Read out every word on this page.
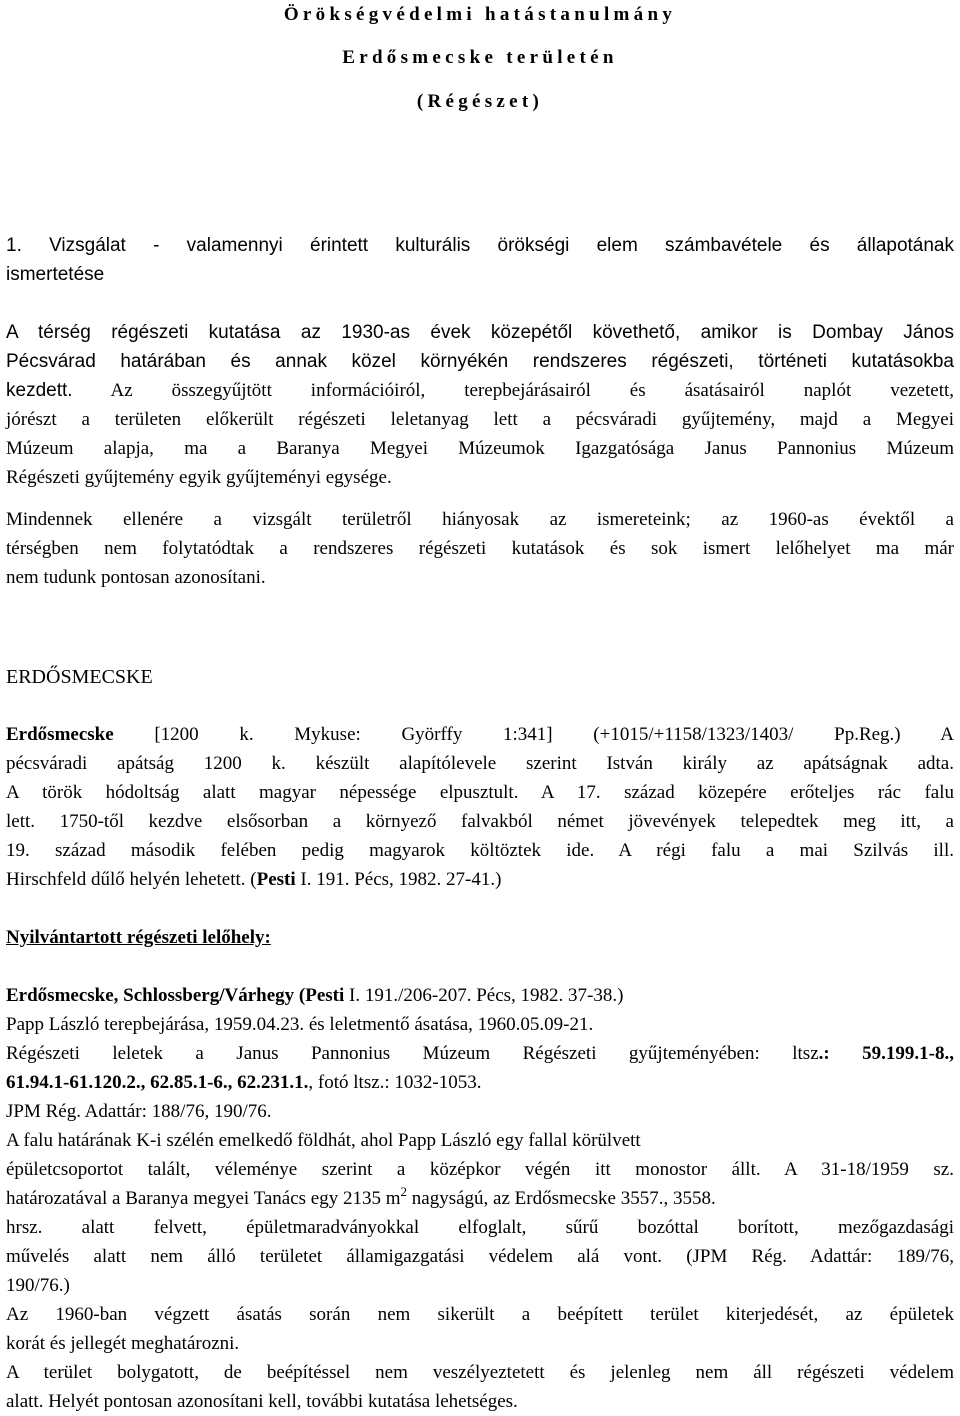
Örökségvédelmi hatástanulmány
Erdősmecske területén
(Régészet)
1. Vizsgálat - valamennyi érintett kulturális örökségi elem számbavétele és állapotának
ismertetése
A térség régészeti kutatása az 1930-as évek közepétől követhető, amikor is Dombay János
Pécsvárad határában és annak közel környékén rendszeres régészeti, történeti kutatásokba
kezdett. Az összegyűjtött információiról, terepbejárásairól és ásatásairól naplót vezetett,
jórészt a területen előkerült régészeti leletanyag lett a pécsváradi gyűjtemény, majd a Megyei
Múzeum alapja, ma a Baranya Megyei Múzeumok Igazgatósága Janus Pannonius Múzeum
Régészeti gyűjtemény egyik gyűjteményi egysége.
Mindennek ellenére a vizsgált területről hiányosak az ismereteink; az 1960-as évektől a
térségben nem folytatódtak a rendszeres régészeti kutatások és sok ismert lelőhelyet ma már
nem tudunk pontosan azonosítani.
ERDŐSMECSKE
Erdősmecske [1200 k. Mykuse: Györffy 1:341] (+1015/+1158/1323/1403/ Pp.Reg.) A
pécsváradi apátság 1200 k. készült alapítólevele szerint István király az apátságnak adta.
A török hódoltság alatt magyar népessége elpusztult. A 17. század közepére erőteljes rác falu
lett. 1750-től kezdve elsősorban a környező falvakból német jövevények telepedtek meg itt, a
19. század második felében pedig magyarok költöztek ide. A régi falu a mai Szilvás ill.
Hirschfeld dűlő helyén lehetett. (Pesti I. 191. Pécs, 1982. 27-41.)
Nyilvántartott régészeti lelőhely:
Erdősmecske, Schlossberg/Várhegy (Pesti I. 191./206-207. Pécs, 1982. 37-38.)
Papp László terepbejárása, 1959.04.23. és leletmentő ásatása, 1960.05.09-21.
Régészeti leletek a Janus Pannonius Múzeum Régészeti gyűjteményében: ltsz.: 59.199.1-8.,
61.94.1-61.120.2., 62.85.1-6., 62.231.1., fotó ltsz.: 1032-1053.
JPM Rég. Adattár: 188/76, 190/76.
A falu határának K-i szélén emelkedő földhát, ahol Papp László egy fallal körülvett
épületcsoportot talált, véleménye szerint a középkor végén itt monostor állt. A 31-18/1959 sz.
határozatával a Baranya megyei Tanács egy 2135 $m^2$ nagyságú, az Erdősmecske 3557., 3558.
hrsz. alatt felvett, épületmaradványokkal elfoglalt, sűrű bozóttal borított, mezőgazdasági
művelés alatt nem álló területet államigazgatási védelem alá vont. (JPM Rég. Adattár: 189/76,
190/76.)
Az 1960-ban végzett ásatás során nem sikerült a beépített terület kiterjedését, az épületek
korát és jellegét meghatározni.
A terület bolygatott, de beépítéssel nem veszélyeztetett és jelenleg nem áll régészeti védelem
alatt. Helyét pontosan azonosítani kell, további kutatása lehetséges.
